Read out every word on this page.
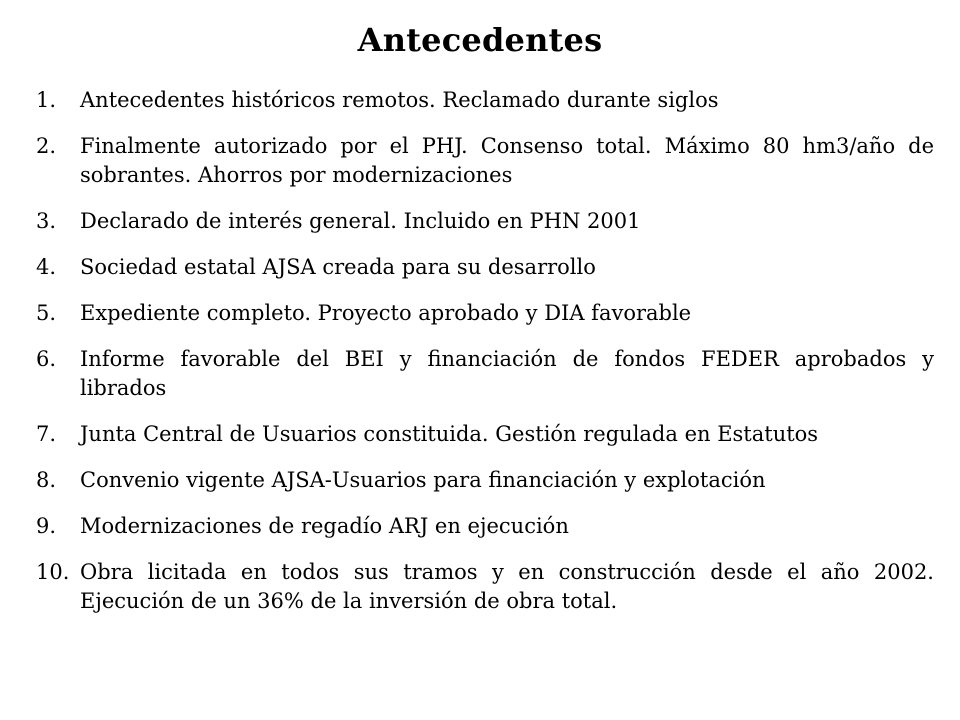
Antecedentes
1.	Antecedentes históricos remotos. Reclamado durante siglos
2.	Finalmente autorizado por el PHJ. Consenso total. Máximo 80 hm3/año de sobrantes. Ahorros por modernizaciones
3.	Declarado de interés general. Incluido en PHN 2001
4.	Sociedad estatal AJSA creada para su desarrollo
5.	Expediente completo. Proyecto aprobado y DIA favorable
6.	Informe favorable del BEI y financiación de fondos FEDER aprobados y librados
7.	Junta Central de Usuarios constituida. Gestión regulada en Estatutos
8.	Convenio vigente AJSA-Usuarios para financiación y explotación
9.	Modernizaciones de regadío ARJ en ejecución
10. Obra licitada en todos sus tramos y en construcción desde el año 2002. Ejecución de un 36% de la inversión de obra total.
